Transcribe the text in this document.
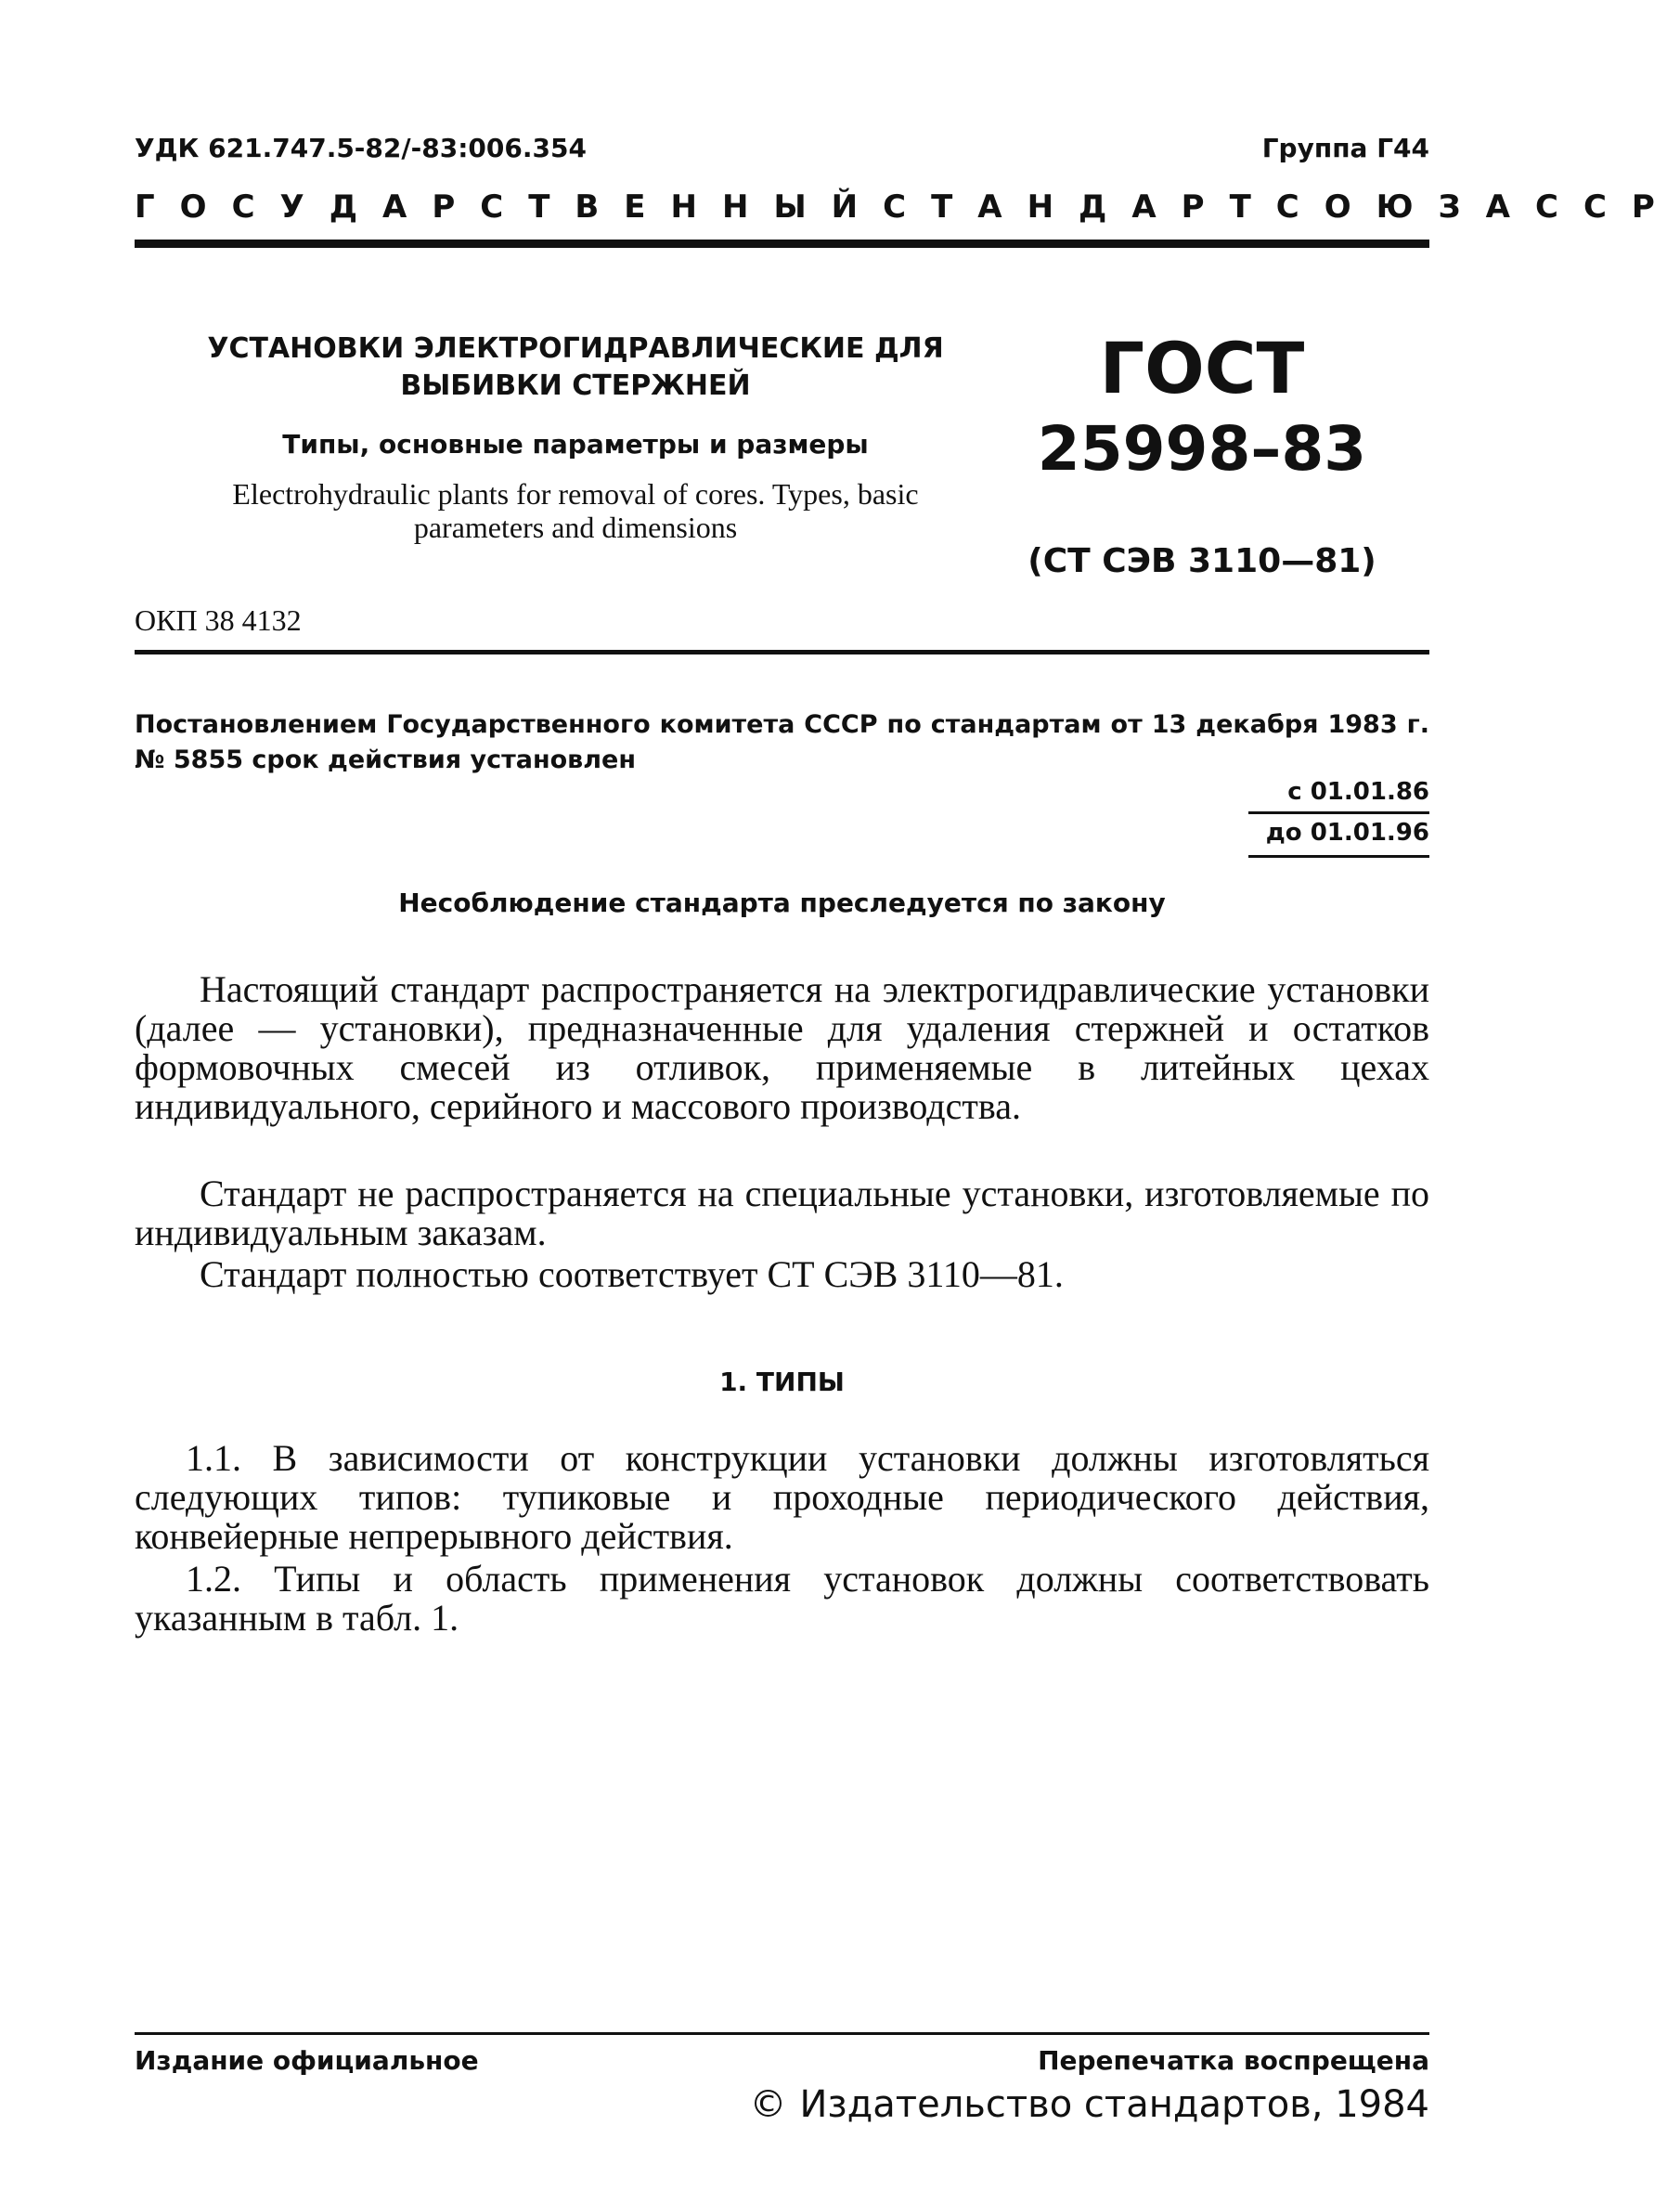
УДК 621.747.5-82/-83:006.354	Группа Г44
ГОСУДАРСТВЕННЫЙ СТАНДАРТ СОЮЗА ССР
УСТАНОВКИ ЭЛЕКТРОГИДРАВЛИЧЕСКИЕ ДЛЯ ВЫБИВКИ СТЕРЖНЕЙ
Типы, основные параметры и размеры
Electrohydraulic plants for removal of cores. Types, basic parameters and dimensions
ГОСТ
25998–83
(СТ СЭВ 3110—81)
ОКП 38 4132
Постановлением Государственного комитета СССР по стандартам от 13 декабря 1983 г. № 5855 срок действия установлен
с 01.01.86
до 01.01.96
Несоблюдение стандарта преследуется по закону
Настоящий стандарт распространяется на электрогидравлические установки (далее — установки), предназначенные для удаления стержней и остатков формовочных смесей из отливок, применяемые в литейных цехах индивидуального, серийного и массового производства.
Стандарт не распространяется на специальные установки, изготовляемые по индивидуальным заказам.
Стандарт полностью соответствует СТ СЭВ 3110—81.
1. ТИПЫ
1.1. В зависимости от конструкции установки должны изготовляться следующих типов: тупиковые и проходные периодического действия, конвейерные непрерывного действия.
1.2. Типы и область применения установок должны соответствовать указанным в табл. 1.
Издание официальное	Перепечатка воспрещена
© Издательство стандартов, 1984
